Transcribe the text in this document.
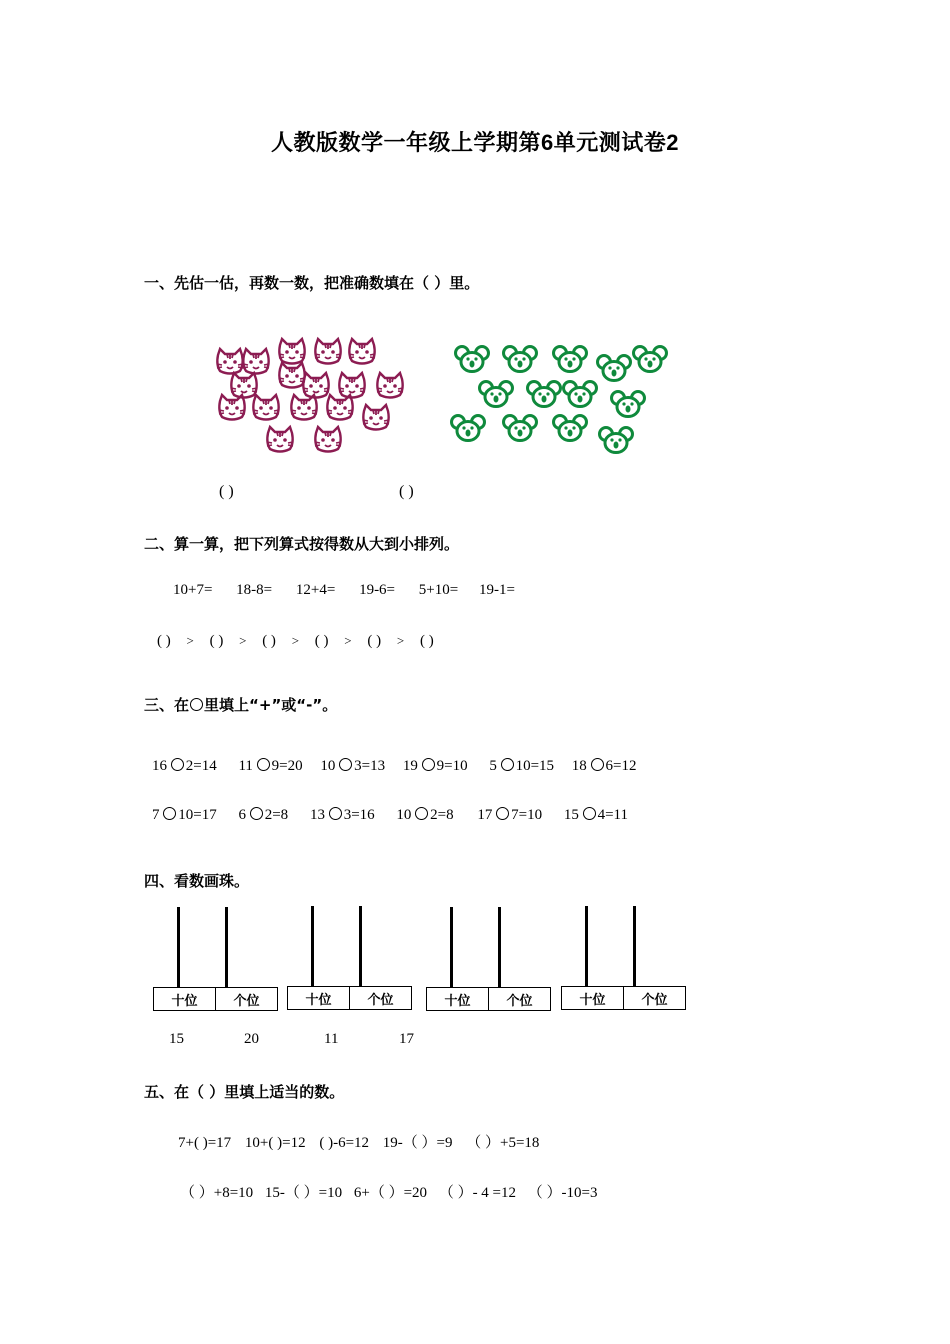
人教版数学一年级上学期第6单元测试卷2
一、先估一估，再数一数，把准确数填在（ ）里。
( )	( )
二、算一算，把下列算式按得数从大到小排列。
10+7= 18-8= 12+4= 19-6= 5+10= 19-1=
( ) > ( ) > ( ) > ( ) > ( ) > ( )
三、在 里填上“+”或“-”。
16 2=14 11 9=20 10 3=13 19 9=10 5 10=15 18 6=12
7 10=17 6 2=8 13 3=16 10 2=8 17 7=10 15 4=11
四、看数画珠。
十位	个位	十位	个位	十位	个位	十位	个位
15	20	11	17
五、在（ ）里填上适当的数。
7+( )=17 10+( )=12 ( )-6=12 19-（ ）=9 （ ）+5=18
（ ）+8=10 15-（ ）=10 6+（ ）=20 （ ）- 4 =12 （ ）-10=3
